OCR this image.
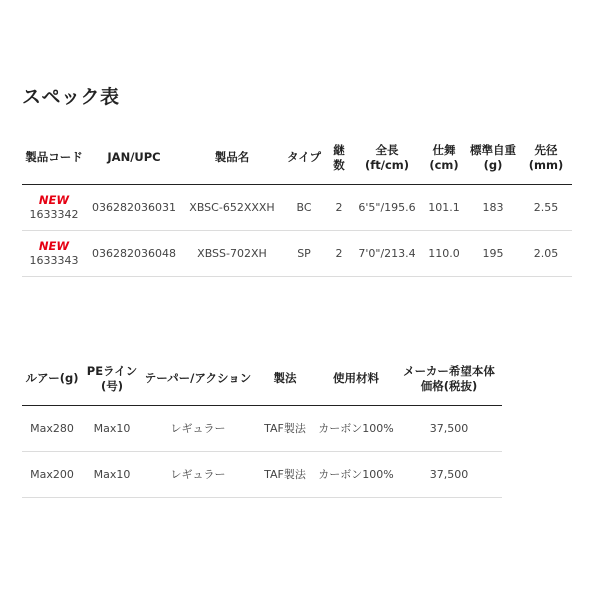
スペック表
製品コード	JAN/UPC	製品名	タイプ	継数	全長(ft/cm)	仕舞(cm)	標準自重(g)	先径(mm)

NEW
1633342	036282036031	XBSC-652XXXH	BC	2	6'5"/195.6	101.1	183	2.55

NEW
1633343	036282036048	XBSS-702XH	SP	2	7'0"/213.4	110.0	195	2.05
ルアー(g)	PEライン(号)	テーパー/アクション	製法	使用材料	メーカー希望本体価格(税抜)
Max280	Max10	レギュラー	TAF製法	カーボン100%	37,500
Max200	Max10	レギュラー	TAF製法	カーボン100%	37,500
